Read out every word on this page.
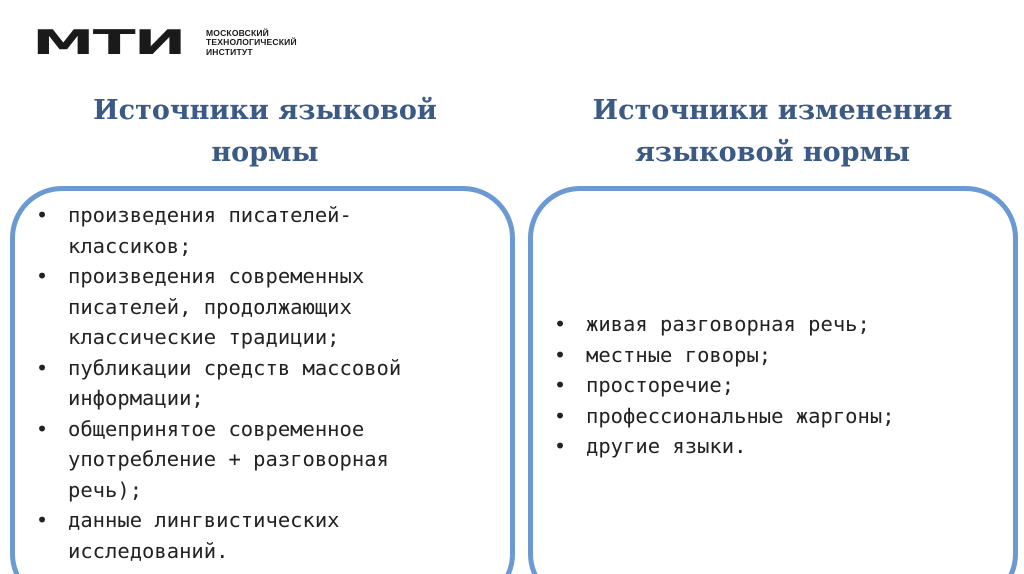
МТИ	МОСКОВСКИЙ
ТЕХНОЛОГИЧЕСКИЙ
ИНСТИТУТ
Источники языковой
нормы
Источники изменения
языковой нормы
• произведения писателей-классиков;
• произведения современных писателей, продолжающих классические традиции;
• публикации средств массовой информации;
• общепринятое современное употребление + разговорная речь);
• данные лингвистических исследований.
• живая разговорная речь;
• местные говоры;
• просторечие;
• профессиональные жаргоны;
• другие языки.
